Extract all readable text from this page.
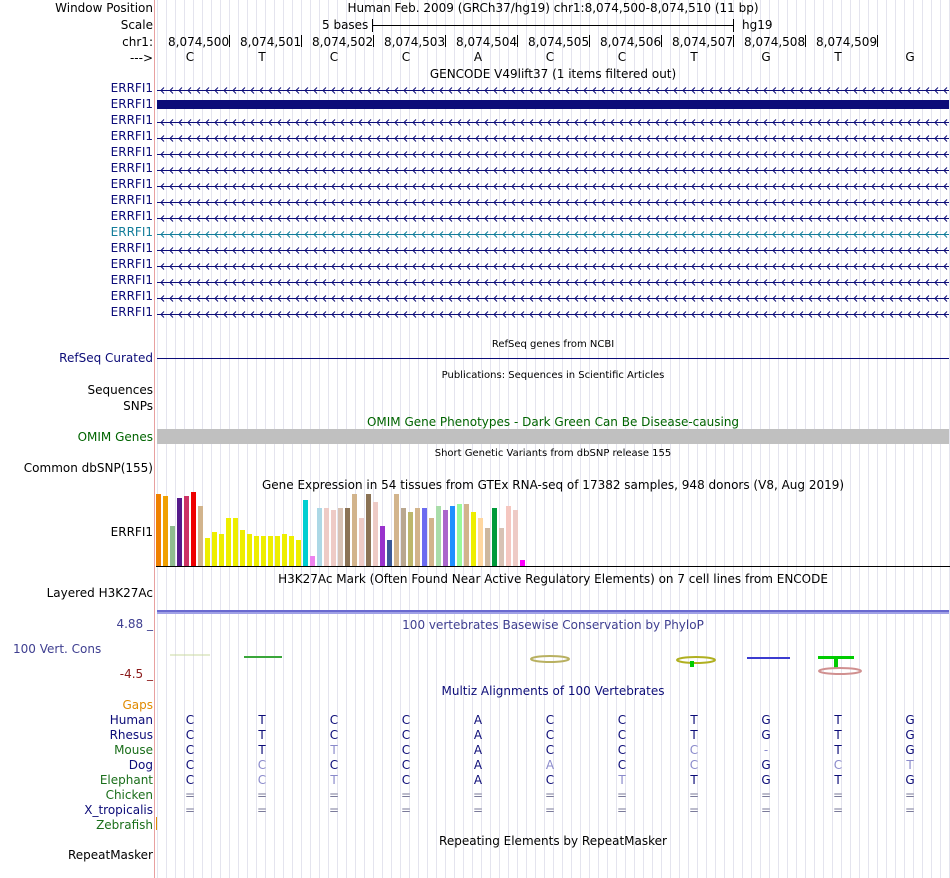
Window Position
Scale
chr1:
--->
Human Feb. 2009 (GRCh37/hg19) chr1:8,074,500-8,074,510 (11 bp)
5 bases	hg19
8,074,500 8,074,501 8,074,502 8,074,503 8,074,504 8,074,505 8,074,506 8,074,507 8,074,508 8,074,509
C	T	C	C	A	C	C	T	G	T	G
GENCODE V49lift37 (1 items filtered out)
ERRFI1
ERRFI1
ERRFI1
ERRFI1
ERRFI1
ERRFI1
ERRFI1
ERRFI1
ERRFI1
ERRFI1
ERRFI1
ERRFI1
ERRFI1
ERRFI1
ERRFI1
RefSeq genes from NCBI
RefSeq Curated
Publications: Sequences in Scientific Articles
Sequences
SNPs
OMIM Gene Phenotypes - Dark Green Can Be Disease-causing
OMIM Genes
Short Genetic Variants from dbSNP release 155
Common dbSNP(155)
Gene Expression in 54 tissues from GTEx RNA-seq of 17382 samples, 948 donors (V8, Aug 2019)
ERRFI1
H3K27Ac Mark (Often Found Near Active Regulatory Elements) on 7 cell lines from ENCODE
Layered H3K27Ac
4.88 _	100 vertebrates Basewise Conservation by PhyloP
100 Vert. Cons
-4.5 _
Multiz Alignments of 100 Vertebrates
Gaps
Human	C	T	C	C	A	C	C	T	G	T	G
Rhesus	C	T	C	C	A	C	C	T	G	T	G
Mouse	C	T	T	C	A	C	C	C	-	T	G
Dog	C	C	C	C	A	A	C	C	G	C	T
Elephant	C	C	T	C	A	C	T	T	G	T	G
Chicken	=	=	=	=	=	=	=	=	=	=	=
X_tropicalis	=	=	=	=	=	=	=	=	=	=	=
Zebrafish
Repeating Elements by RepeatMasker
RepeatMasker
